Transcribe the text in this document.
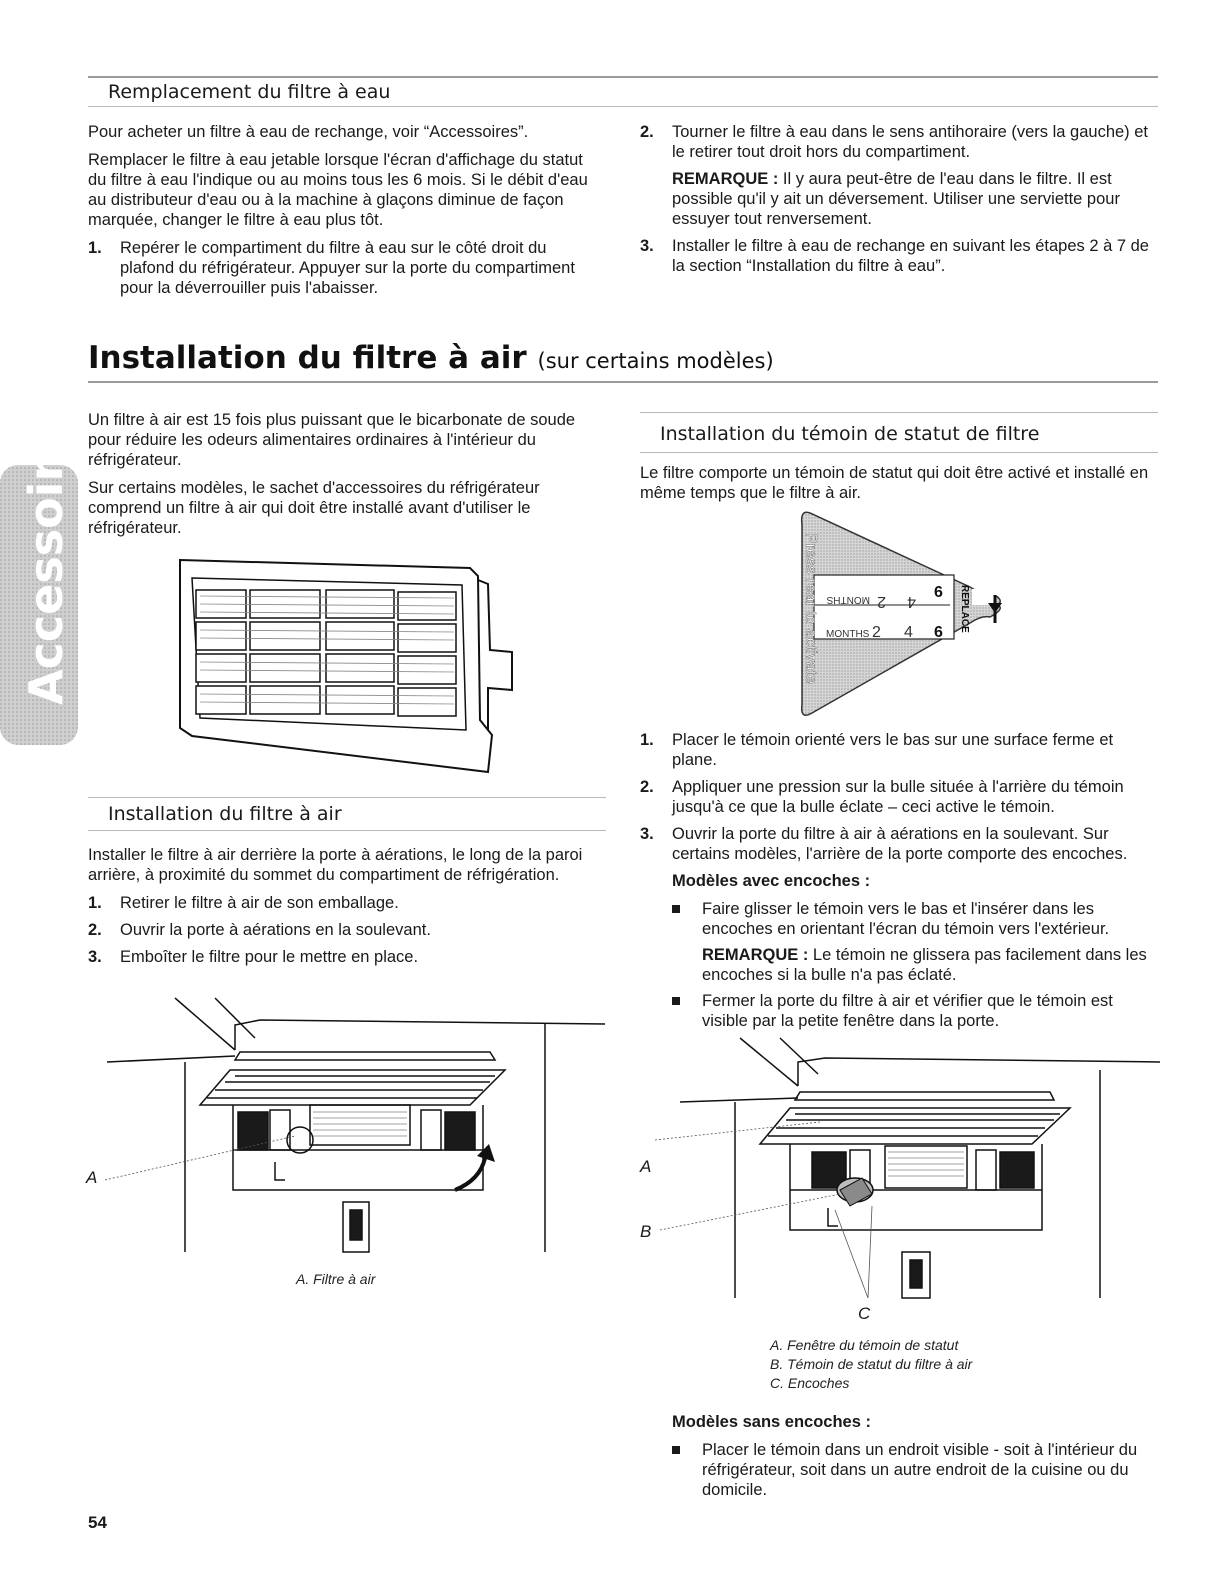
Remplacement du filtre à eau

Pour acheter un filtre à eau de rechange, voir “Accessoires”.

Remplacer le filtre à eau jetable lorsque l'écran d'affichage du statut du filtre à eau l'indique ou au moins tous les 6 mois. Si le débit d'eau au distributeur d'eau ou à la machine à glaçons diminue de façon marquée, changer le filtre à eau plus tôt.

1. Repérer le compartiment du filtre à eau sur le côté droit du plafond du réfrigérateur. Appuyer sur la porte du compartiment pour la déverrouiller puis l'abaisser.
2. Tourner le filtre à eau dans le sens antihoraire (vers la gauche) et le retirer tout droit hors du compartiment.

REMARQUE : Il y aura peut-être de l'eau dans le filtre. Il est possible qu'il y ait un déversement. Utiliser une serviette pour essuyer tout renversement.

3. Installer le filtre à eau de rechange en suivant les étapes 2 à 7 de la section “Installation du filtre à eau”.
Installation du filtre à air (sur certains modèles)
Accessoires Un filtre à air est 15 fois plus puissant que le bicarbonate de soude pour réduire les odeurs alimentaires ordinaires à l'intérieur du réfrigérateur.

Sur certains modèles, le sachet d'accessoires du réfrigérateur comprend un filtre à air qui doit être installé avant d'utiliser le réfrigérateur.

Installation du filtre à air

Installer le filtre à air derrière la porte à aérations, le long de la paroi arrière, à proximité du sommet du compartiment de réfrigération.

1. Retirer le filtre à air de son emballage.
2. Ouvrir la porte à aérations en la soulevant.
3. Emboîter le filtre pour le mettre en place.
A
A. Filtre à air
Installation du témoin de statut de filtre

Le filtre comporte un témoin de statut qui doit être activé et installé en même temps que le filtre à air.

Press rear to activate MONTHS 2 4
6
MONTHS 2 4 6 REPLACE
1. Placer le témoin orienté vers le bas sur une surface ferme et plane.
2. Appliquer une pression sur la bulle située à l'arrière du témoin jusqu'à ce que la bulle éclate – ceci active le témoin.
3. Ouvrir la porte du filtre à air à aérations en la soulevant. Sur certains modèles, l'arrière de la porte comporte des encoches.

Modèles avec encoches :

Faire glisser le témoin vers le bas et l'insérer dans les encoches en orientant l'écran du témoin vers l'extérieur.

REMARQUE : Le témoin ne glissera pas facilement dans les encoches si la bulle n'a pas éclaté.

Fermer la porte du filtre à air et vérifier que le témoin est visible par la petite fenêtre dans la porte.
A
B
C
A. Fenêtre du témoin de statut
B. Témoin de statut du filtre à air
C. Encoches

Modèles sans encoches :

Placer le témoin dans un endroit visible - soit à l'intérieur du réfrigérateur, soit dans un autre endroit de la cuisine ou du domicile.
54
